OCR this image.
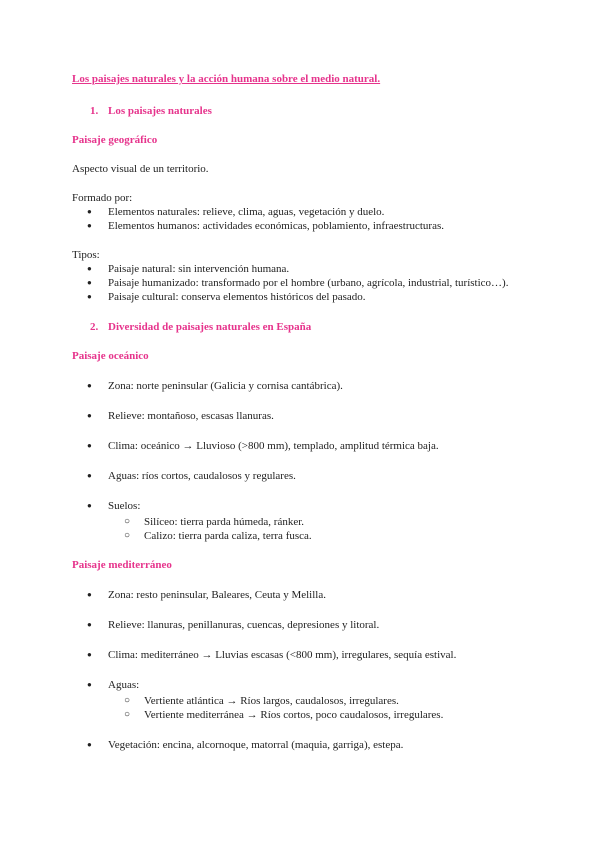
Los paisajes naturales y la acción humana sobre el medio natural.

1. Los paisajes naturales

Paisaje geográfico

Aspecto visual de un territorio.

Formado por:

● Elementos naturales: relieve, clima, aguas, vegetación y duelo.
● Elementos humanos: actividades económicas, poblamiento, infraestructuras.

Tipos:

● Paisaje natural: sin intervención humana.
● Paisaje humanizado: transformado por el hombre (urbano, agrícola, industrial, turístico…).
● Paisaje cultural: conserva elementos históricos del pasado.

2. Diversidad de paisajes naturales en España

Paisaje oceánico

● Zona: norte peninsular (Galicia y cornisa cantábrica).
● Relieve: montañoso, escasas llanuras.
● Clima: oceánico → Lluvioso (>800 mm), templado, amplitud térmica baja.
● Aguas: ríos cortos, caudalosos y regulares.
● Suelos:
○ Silíceo: tierra parda húmeda, ránker.
○ Calizo: tierra parda caliza, terra fusca.

Paisaje mediterráneo

● Zona: resto peninsular, Baleares, Ceuta y Melilla.
● Relieve: llanuras, penillanuras, cuencas, depresiones y litoral.
● Clima: mediterráneo → Lluvias escasas (<800 mm), irregulares, sequía estival.
● Aguas:
○ Vertiente atlántica → Ríos largos, caudalosos, irregulares.
○ Vertiente mediterránea → Ríos cortos, poco caudalosos, irregulares.
● Vegetación: encina, alcornoque, matorral (maquia, garriga), estepa.
